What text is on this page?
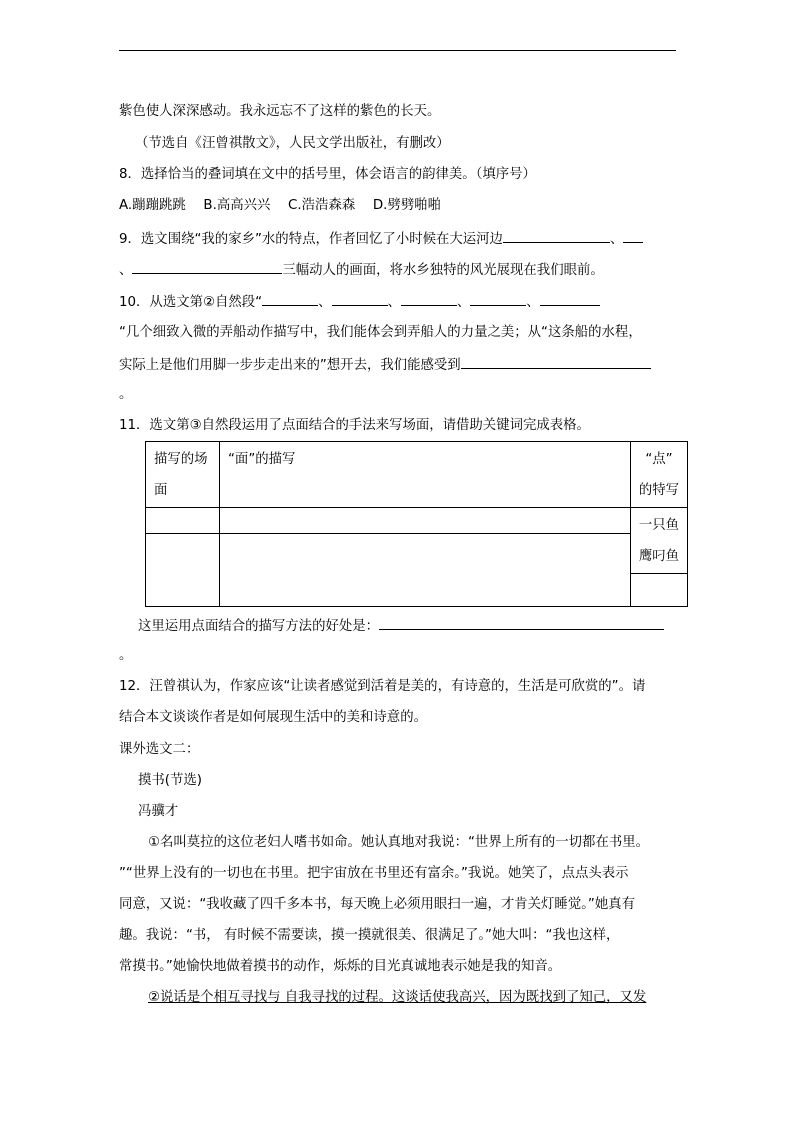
紫色使人深深感动。我永远忘不了这样的紫色的长天。
（节选自《汪曾祺散文》，人民文学出版社，有删改）
8．选择恰当的叠词填在文中的括号里，体会语言的韵律美。（填序号）
A.蹦蹦跳跳　 B.高高兴兴　 C.浩浩森森　 D.劈劈啪啪
9．选文围绕“我的家乡”水的特点，作者回忆了小时候在大运河边	、
、	三幅动人的画面，将水乡独特的风光展现在我们眼前。
10．从选文第②自然段“	、	、	、	、
“几个细致入微的弄船动作描写中，我们能体会到弄船人的力量之美；从“这条船的水程，
实际上是他们用脚一步步走出来的”想开去，我们能感受到
。
11．选文第③自然段运用了点面结合的手法来写场面，请借助关键词完成表格。
描写的场
面	“面”的描写	“点”
的特写

		一只鱼
鹰叼鱼

这里运用点面结合的描写方法的好处是：
。
12．汪曾祺认为，作家应该“让读者感觉到活着是美的，有诗意的，生活是可欣赏的”。请
结合本文谈谈作者是如何展现生活中的美和诗意的。
课外选文二：
摸书(节选)
冯骥才
①名叫莫拉的这位老妇人嗜书如命。她认真地对我说：“世界上所有的一切都在书里。
”“世界上没有的一切也在书里。把宇宙放在书里还有富余。”我说。她笑了，点点头表示
同意，又说：“我收藏了四千多本书，每天晚上必须用眼扫一遍，才肯关灯睡觉。”她真有
趣。我说：“书， 有时候不需要读，摸一摸就很美、很满足了。”她大叫：“我也这样，
常摸书。”她愉快地做着摸书的动作，烁烁的目光真诚地表示她是我的知音。
②说话是个相互寻找与 自我寻找的过程。这谈话使我高兴，因为既找到了知己，又发
